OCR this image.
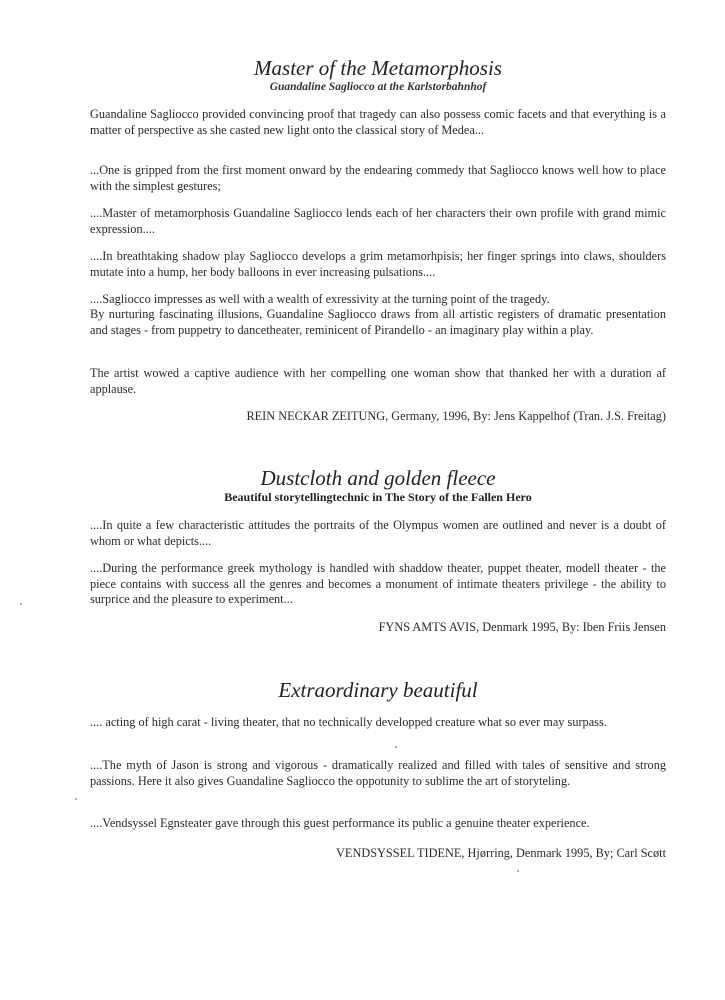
Master of the Metamorphosis
Guandaline Sagliocco at the Karlstorbahnhof

Guandaline Sagliocco provided convincing proof that tragedy can also possess comic facets and that everything is a matter of perspective as she casted new light onto the classical story of Medea...

...One is gripped from the first moment onward by the endearing commedy that Sagliocco knows well how to place with the simplest gestures;

....Master of metamorphosis Guandaline Sagliocco lends each of her characters their own profile with grand mimic expression....

....In breathtaking shadow play Sagliocco develops a grim metamorhpisis; her finger springs into claws, shoulders mutate into a hump, her body balloons in ever increasing pulsations....

....Sagliocco impresses as well with a wealth of exressivity at the turning point of the tragedy.

By nurturing fascinating illusions, Guandaline Sagliocco draws from all artistic registers of dramatic presentation and stages - from puppetry to dancetheater, reminicent of Pirandello - an imaginary play within a play.

The artist wowed a captive audience with her compelling one woman show that thanked her with a duration af applause.

REIN NECKAR ZEITUNG, Germany, 1996, By: Jens Kappelhof (Tran. J.S. Freitag)
Dustcloth and golden fleece
Beautiful storytellingtechnic in The Story of the Fallen Hero

....In quite a few characteristic attitudes the portraits of the Olympus women are outlined and never is a doubt of whom or what depicts....

....During the performance greek mythology is handled with shaddow theater, puppet theater, modell theater - the piece contains with success all the genres and becomes a monument of intimate theaters privilege - the ability to surprice and the pleasure to experiment...

FYNS AMTS AVIS, Denmark 1995, By: Iben Friis Jensen
Extraordinary beautiful

.... acting of high carat - living theater, that no technically developped creature what so ever may surpass.

....The myth of Jason is strong and vigorous - dramatically realized and filled with tales of sensitive and strong passions. Here it also gives Guandaline Sagliocco the oppotunity to sublime the art of storyteling.

....Vendsyssel Egnsteater gave through this guest performance its public a genuine theater experience.

VENDSYSSEL TIDENE, Hjørring, Denmark 1995, By; Carl Scøtt
